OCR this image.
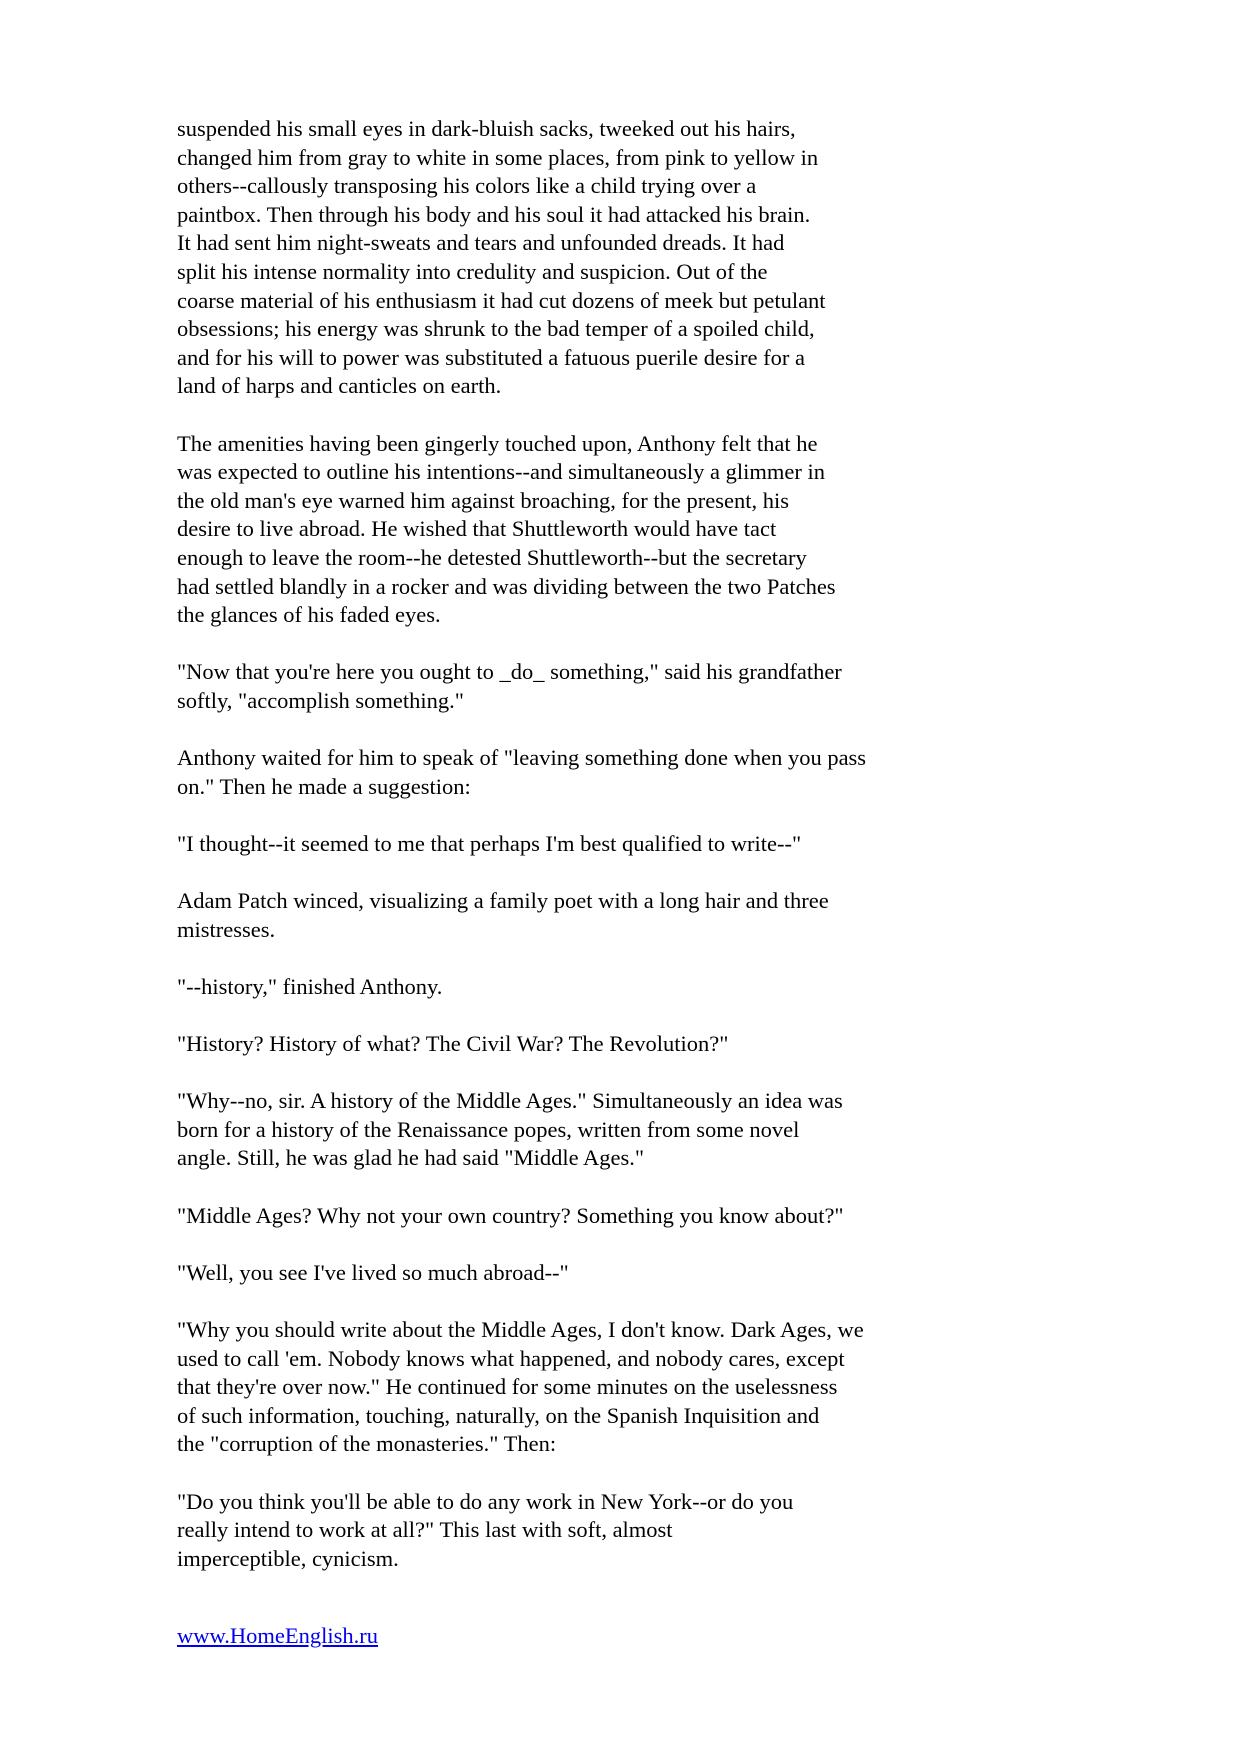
suspended his small eyes in dark-bluish sacks, tweeked out his hairs,
changed him from gray to white in some places, from pink to yellow in
others--callously transposing his colors like a child trying over a
paintbox. Then through his body and his soul it had attacked his brain.
It had sent him night-sweats and tears and unfounded dreads. It had
split his intense normality into credulity and suspicion. Out of the
coarse material of his enthusiasm it had cut dozens of meek but petulant
obsessions; his energy was shrunk to the bad temper of a spoiled child,
and for his will to power was substituted a fatuous puerile desire for a
land of harps and canticles on earth.
The amenities having been gingerly touched upon, Anthony felt that he
was expected to outline his intentions--and simultaneously a glimmer in
the old man's eye warned him against broaching, for the present, his
desire to live abroad. He wished that Shuttleworth would have tact
enough to leave the room--he detested Shuttleworth--but the secretary
had settled blandly in a rocker and was dividing between the two Patches
the glances of his faded eyes.
"Now that you're here you ought to _do_ something," said his grandfather
softly, "accomplish something."
Anthony waited for him to speak of "leaving something done when you pass
on." Then he made a suggestion:
"I thought--it seemed to me that perhaps I'm best qualified to write--"
Adam Patch winced, visualizing a family poet with a long hair and three
mistresses.
"--history," finished Anthony.
"History? History of what? The Civil War? The Revolution?"
"Why--no, sir. A history of the Middle Ages." Simultaneously an idea was
born for a history of the Renaissance popes, written from some novel
angle. Still, he was glad he had said "Middle Ages."
"Middle Ages? Why not your own country? Something you know about?"
"Well, you see I've lived so much abroad--"
"Why you should write about the Middle Ages, I don't know. Dark Ages, we
used to call 'em. Nobody knows what happened, and nobody cares, except
that they're over now." He continued for some minutes on the uselessness
of such information, touching, naturally, on the Spanish Inquisition and
the "corruption of the monasteries." Then:
"Do you think you'll be able to do any work in New York--or do you
really intend to work at all?" This last with soft, almost
imperceptible, cynicism.
www.HomeEnglish.ru
